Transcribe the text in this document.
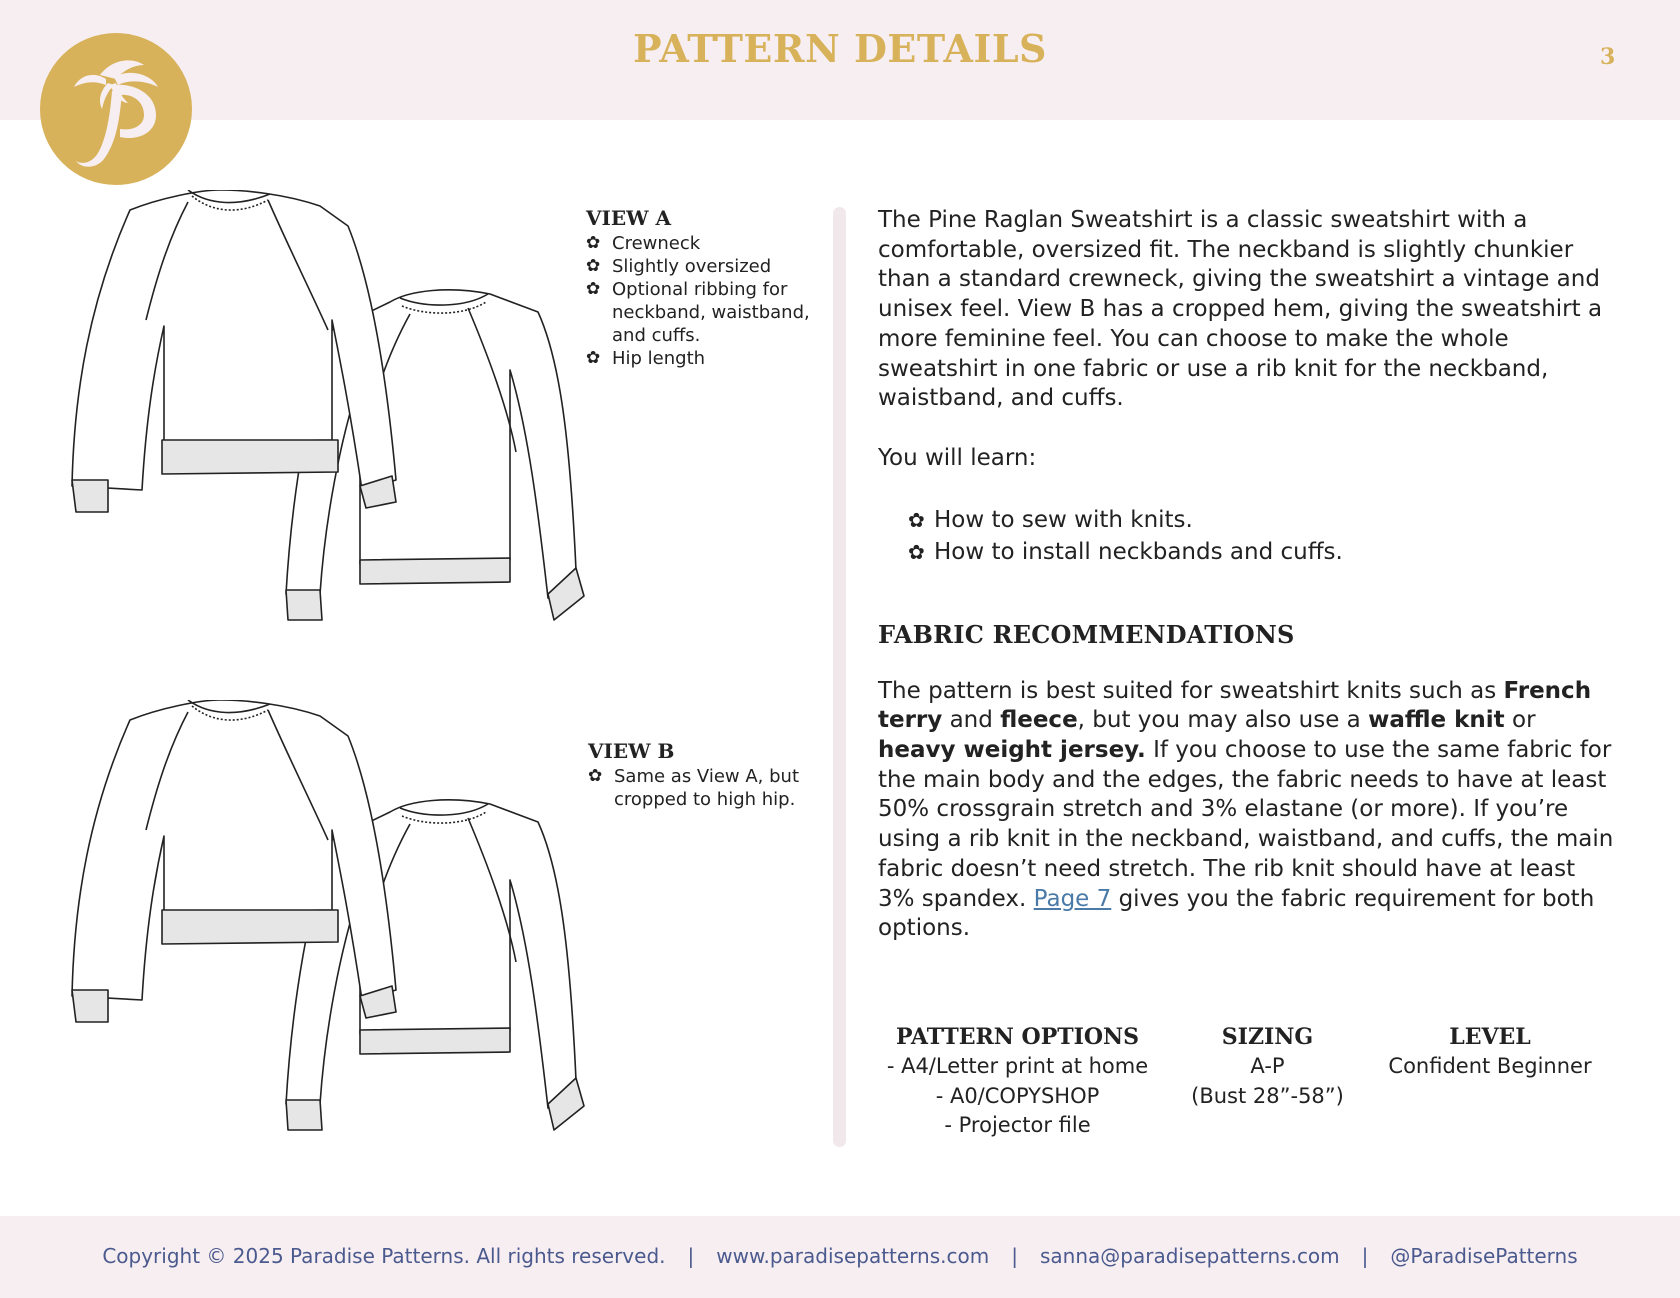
PATTERN DETAILS	3
VIEW A
✿ Crewneck
✿ Slightly oversized
✿ Optional ribbing for neckband, waistband, and cuffs.
✿ Hip length
VIEW B
✿ Same as View A, but cropped to high hip.

The Pine Raglan Sweatshirt is a classic sweatshirt with a comfortable, oversized fit. The neckband is slightly chunkier than a standard crewneck, giving the sweatshirt a vintage and unisex feel. View B has a cropped hem, giving the sweatshirt a more feminine feel. You can choose to make the whole sweatshirt in one fabric or use a rib knit for the neckband, waistband, and cuffs.

You will learn:

✿ How to sew with knits.
✿ How to install neckbands and cuffs.
FABRIC RECOMMENDATIONS

The pattern is best suited for sweatshirt knits such as French terry and fleece, but you may also use a waffle knit or heavy weight jersey. If you choose to use the same fabric for the main body and the edges, the fabric needs to have at least 50% crossgrain stretch and 3% elastane (or more). If you’re using a rib knit in the neckband, waistband, and cuffs, the main fabric doesn’t need stretch. The rib knit should have at least 3% spandex. Page 7 gives you the fabric requirement for both options.

PATTERN OPTIONS
- A4/Letter print at home
- A0/COPYSHOP
- Projector file
SIZING
A-P
(Bust 28”-58”)
LEVEL
Confident Beginner
Copyright © 2025 Paradise Patterns. All rights reserved. | www.paradisepatterns.com | sanna@paradisepatterns.com | @ParadisePatterns
